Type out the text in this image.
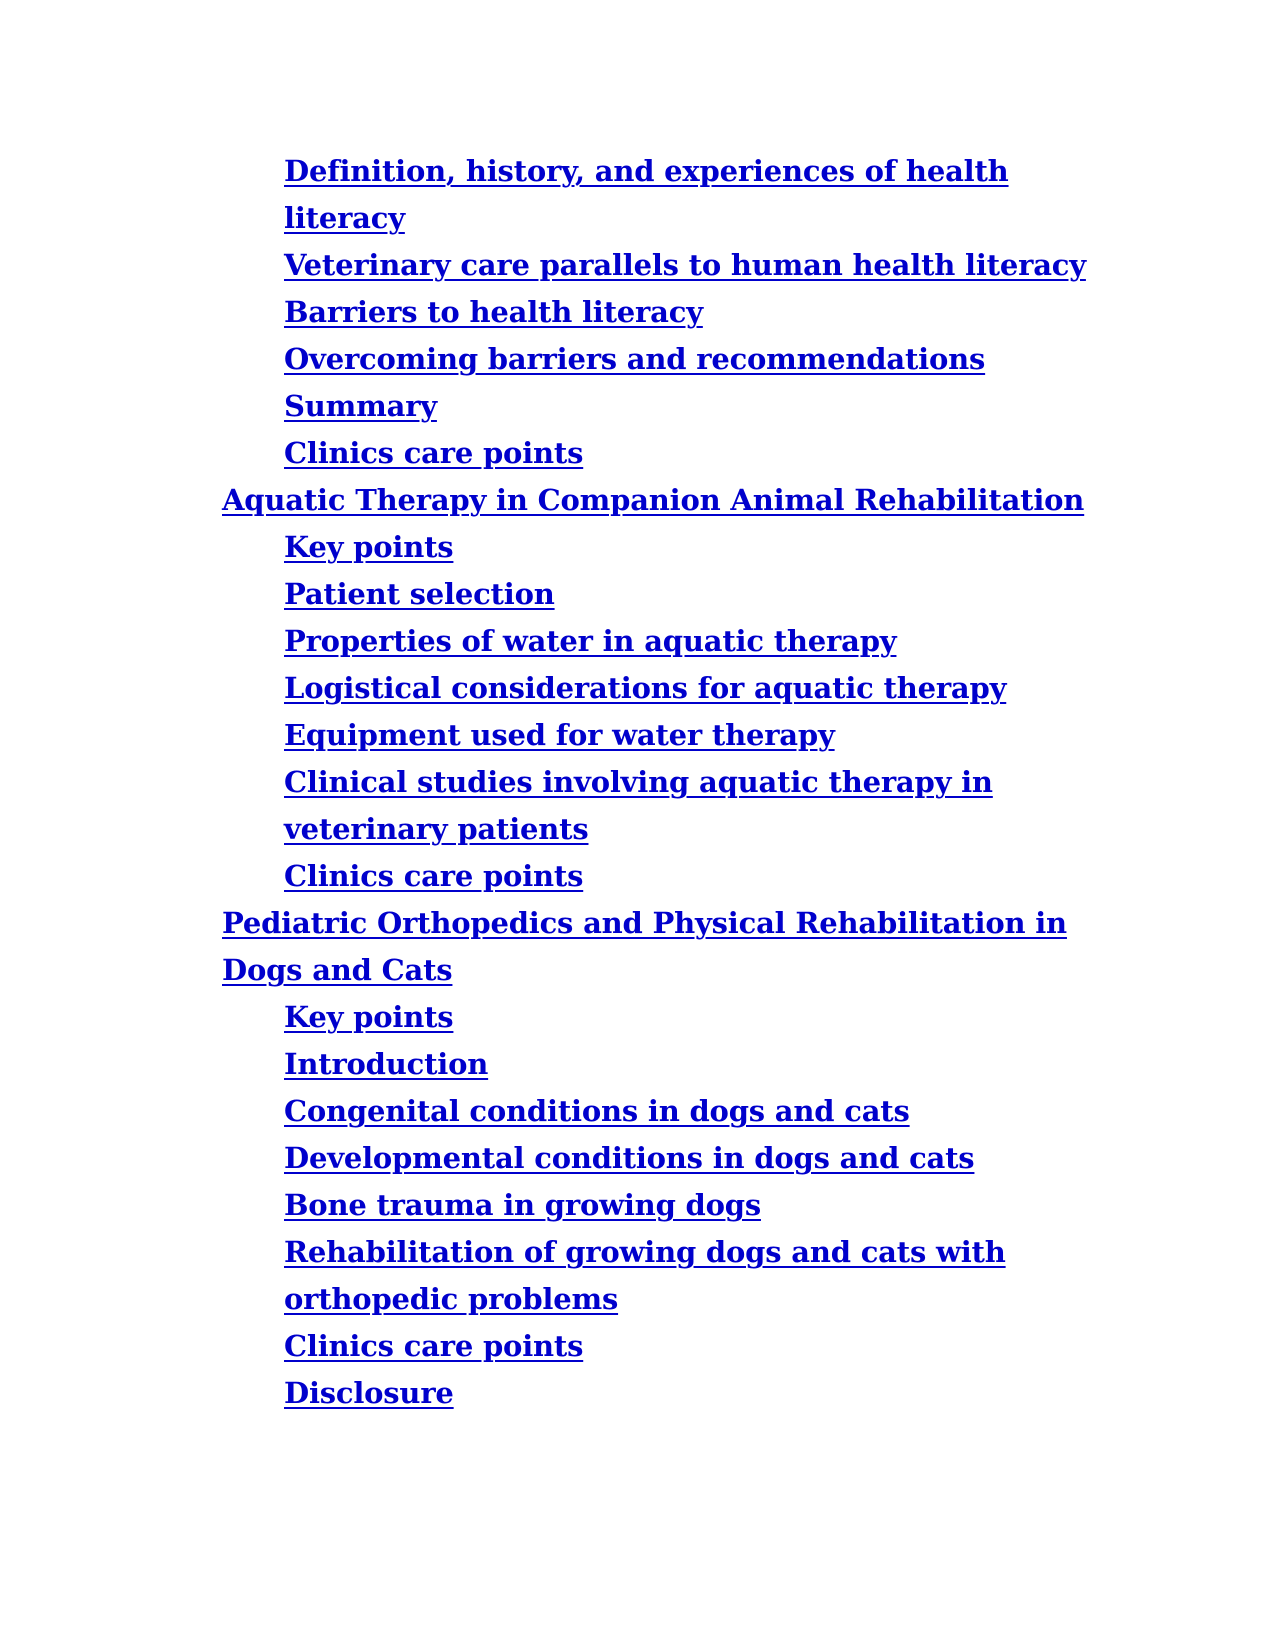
Definition, history, and experiences of health literacy
Veterinary care parallels to human health literacy
Barriers to health literacy
Overcoming barriers and recommendations
Summary
Clinics care points
Aquatic Therapy in Companion Animal Rehabilitation
Key points
Patient selection
Properties of water in aquatic therapy
Logistical considerations for aquatic therapy
Equipment used for water therapy
Clinical studies involving aquatic therapy in veterinary patients
Clinics care points
Pediatric Orthopedics and Physical Rehabilitation in Dogs and Cats
Key points
Introduction
Congenital conditions in dogs and cats
Developmental conditions in dogs and cats
Bone trauma in growing dogs
Rehabilitation of growing dogs and cats with orthopedic problems
Clinics care points
Disclosure
